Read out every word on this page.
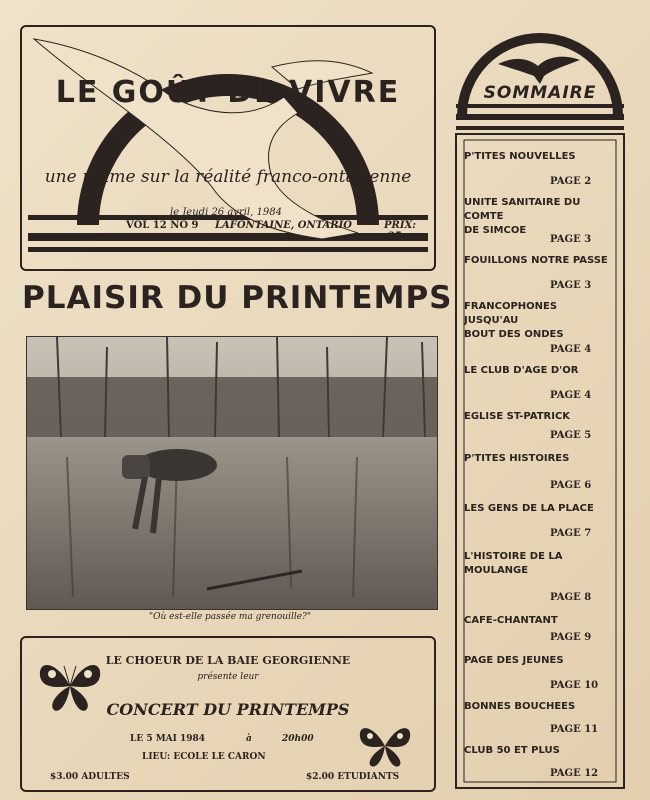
LE GOÛT DE VIVRE
une plume sur la réalité franco-ontarienne
le Jeudi 26 avril, 1984
VOL 12 NO 9 LAFONTAINE, ONTARIO	PRIX: .25
PLAISIR DU PRINTEMPS
"Où est-elle passée ma grenouille?"
LE CHOEUR DE LA BAIE GEORGIENNE
présente leur
CONCERT DU PRINTEMPS
LE 5 MAI 1984	à	20h00
LIEU: ECOLE LE CARON
$3.00 ADULTES	$2.00 ETUDIANTS
SOMMAIRE
P'TITES NOUVELLES
PAGE 2
UNITE SANITAIRE DU COMTE
DE SIMCOE
PAGE 3
FOUILLONS NOTRE PASSE
PAGE 3
FRANCOPHONES JUSQU'AU
BOUT DES ONDES
PAGE 4
LE CLUB D'AGE D'OR
PAGE 4
EGLISE ST-PATRICK
PAGE 5
P'TITES HISTOIRES
PAGE 6
LES GENS DE LA PLACE
PAGE 7
L'HISTOIRE DE LA
MOULANGE
PAGE 8
CAFE-CHANTANT
PAGE 9
PAGE DES JEUNES
PAGE 10
BONNES BOUCHEES
PAGE 11
CLUB 50 ET PLUS
PAGE 12
